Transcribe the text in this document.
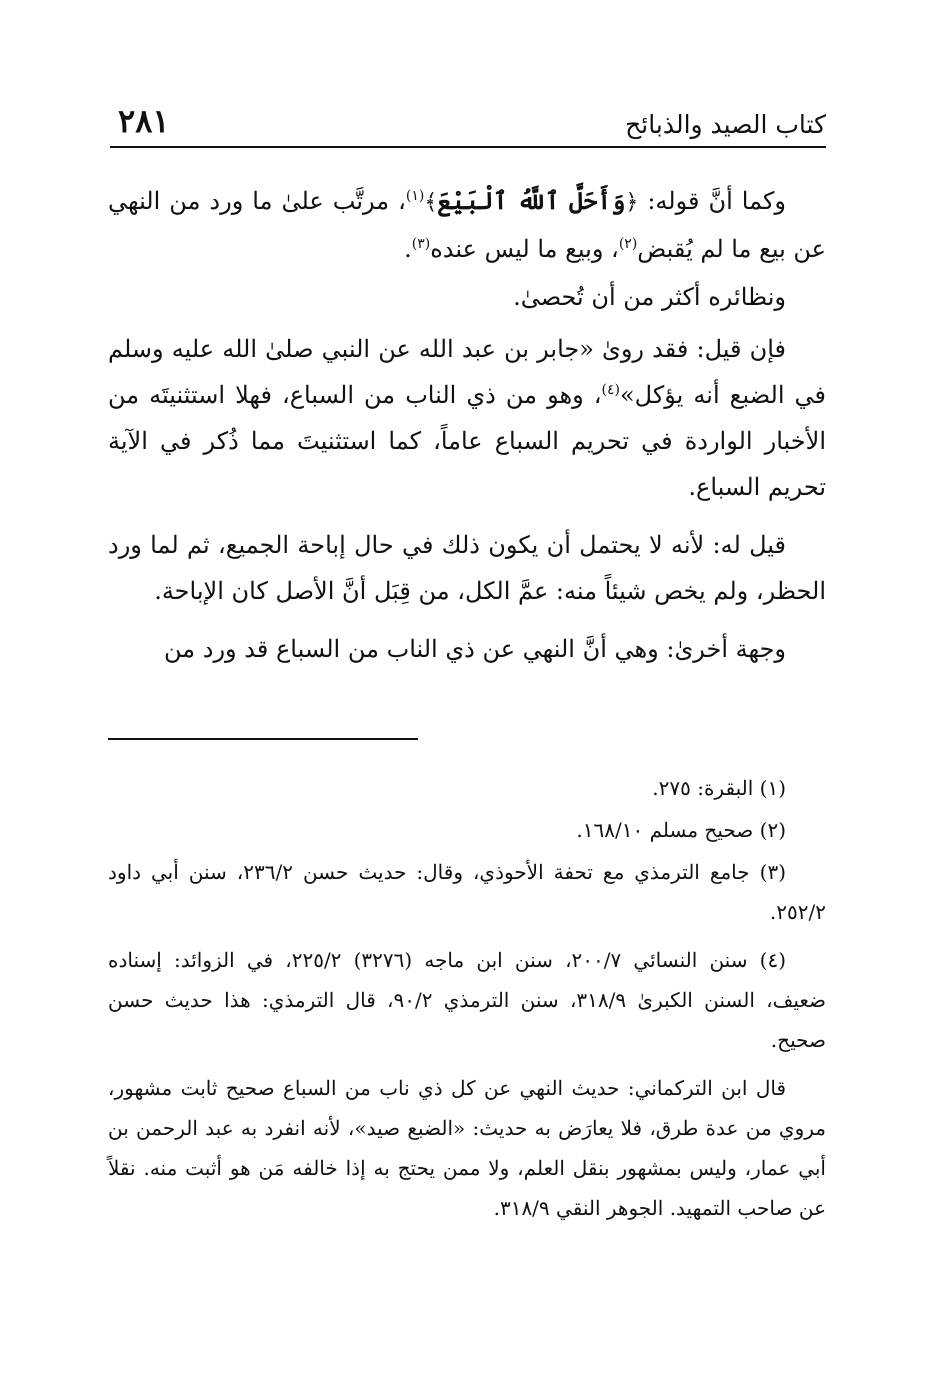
كتاب الصيد والذبائح
٢٨١

وكما أنَّ قوله: ﴿وَأَحَلَّ ٱللَّهُ ٱلْبَيْعَ﴾$^{(١)}$، مرتَّب علىٰ ما ورد من النهي عن بيع ما لم يُقبض$^{(٢)}$، وبيع ما ليس عنده$^{(٣)}$.

ونظائره أكثر من أن تُحصىٰ.

فإن قيل: فقد روىٰ «جابر بن عبد الله عن النبي صلىٰ الله عليه وسلم في الضبع أنه يؤكل»$^{(٤)}$، وهو من ذي الناب من السباع، فهلا استثنيتَه من الأخبار الواردة في تحريم السباع عاماً، كما استثنيتَ مما ذُكر في الآية تحريم السباع.

قيل له: لأنه لا يحتمل أن يكون ذلك في حال إباحة الجميع، ثم لما ورد الحظر، ولم يخص شيئاً منه: عمَّ الكل، من قِبَل أنَّ الأصل كان الإباحة.

وجهة أخرىٰ: وهي أنَّ النهي عن ذي الناب من السباع قد ورد من

(١) البقرة: ٢٧٥.

(٢) صحيح مسلم ١٦٨/١٠.

(٣) جامع الترمذي مع تحفة الأحوذي، وقال: حديث حسن ٢٣٦/٢، سنن أبي داود ٢٥٢/٢.

(٤) سنن النسائي ٢٠٠/٧، سنن ابن ماجه (٣٢٧٦) ٢٢٥/٢، في الزوائد: إسناده ضعيف، السنن الكبرىٰ ٣١٨/٩، سنن الترمذي ٩٠/٢، قال الترمذي: هذا حديث حسن صحيح.

قال ابن التركماني: حديث النهي عن كل ذي ناب من السباع صحيح ثابت مشهور، مروي من عدة طرق، فلا يعارَض به حديث: «الضبع صيد»، لأنه انفرد به عبد الرحمن بن أبي عمار، وليس بمشهور بنقل العلم، ولا ممن يحتج به إذا خالفه مَن هو أثبت منه. نقلاً عن صاحب التمهيد. الجوهر النقي ٣١٨/٩.
